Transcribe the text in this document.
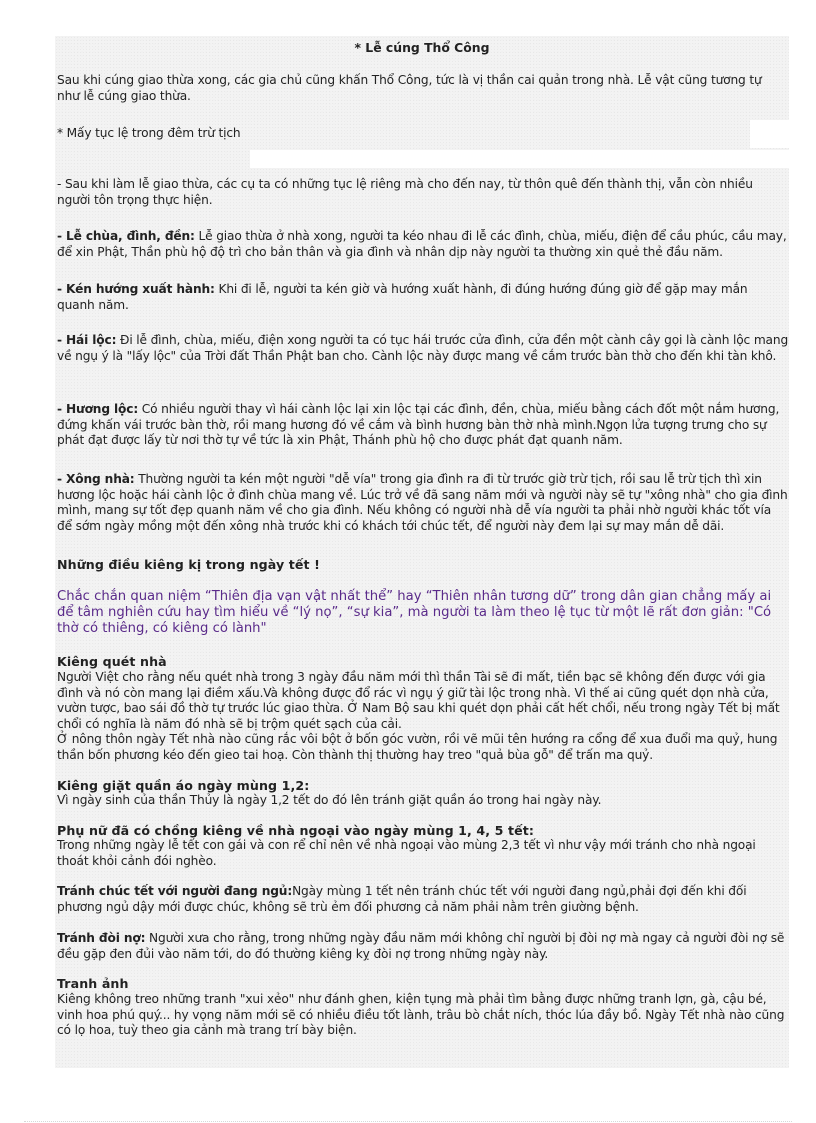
* Lễ cúng Thổ Công

Sau khi cúng giao thừa xong, các gia chủ cũng khấn Thổ Công, tức là vị thần cai quản trong nhà. Lễ vật cũng tương tự như lễ cúng giao thừa.

* Mấy tục lệ trong đêm trừ tịch

- Sau khi làm lễ giao thừa, các cụ ta có những tục lệ riêng mà cho đến nay, từ thôn quê đến thành thị, vẫn còn nhiều người tôn trọng thực hiện.

- Lễ chùa, đình, đền: Lễ giao thừa ở nhà xong, người ta kéo nhau đi lễ các đình, chùa, miếu, điện để cầu phúc, cầu may, để xin Phật, Thần phù hộ độ trì cho bản thân và gia đình và nhân dịp này người ta thường xin quẻ thẻ đầu năm.

- Kén hướng xuất hành: Khi đi lễ, người ta kén giờ và hướng xuất hành, đi đúng hướng đúng giờ để gặp may mắn quanh năm.

- Hái lộc: Đi lễ đình, chùa, miếu, điện xong người ta có tục hái trước cửa đình, cửa đền một cành cây gọi là cành lộc mang về ngụ ý là "lấy lộc" của Trời đất Thần Phật ban cho. Cành lộc này được mang về cắm trước bàn thờ cho đến khi tàn khô.

- Hương lộc: Có nhiều người thay vì hái cành lộc lại xin lộc tại các đình, đền, chùa, miếu bằng cách đốt một nắm hương, đứng khấn vái trước bàn thờ, rồi mang hương đó về cắm và bình hương bàn thờ nhà mình.Ngọn lửa tượng trưng cho sự phát đạt được lấy từ nơi thờ tự về tức là xin Phật, Thánh phù hộ cho được phát đạt quanh năm.

- Xông nhà: Thường người ta kén một người "dễ vía" trong gia đình ra đi từ trước giờ trừ tịch, rồi sau lễ trừ tịch thì xin hương lộc hoặc hái cành lộc ở đình chùa mang về. Lúc trở về đã sang năm mới và người này sẽ tự "xông nhà" cho gia đình mình, mang sự tốt đẹp quanh năm về cho gia đình. Nếu không có người nhà dễ vía người ta phải nhờ người khác tốt vía để sớm ngày mồng một đến xông nhà trước khi có khách tới chúc tết, để người này đem lại sự may mắn dễ dãi.

Những điều kiêng kị trong ngày tết !

Chắc chắn quan niệm “Thiên địa vạn vật nhất thể” hay “Thiên nhân tương dữ” trong dân gian chẳng mấy ai để tâm nghiên cứu hay tìm hiểu về “lý nọ”, “sự kia”, mà người ta làm theo lệ tục từ một lẽ rất đơn giản: "Có thờ có thiêng, có kiêng có lành"

Kiêng quét nhà

Người Việt cho rằng nếu quét nhà trong 3 ngày đầu năm mới thì thần Tài sẽ đi mất, tiền bạc sẽ không đến được với gia đình và nó còn mang lại điềm xấu.Và không được đổ rác vì ngụ ý giữ tài lộc trong nhà. Vì thế ai cũng quét dọn nhà cửa, vườn tược, bao sái đồ thờ tự trước lúc giao thừa. Ở Nam Bộ sau khi quét dọn phải cất hết chổi, nếu trong ngày Tết bị mất chổi có nghĩa là năm đó nhà sẽ bị trộm quét sạch của cải.

Ở nông thôn ngày Tết nhà nào cũng rắc vôi bột ở bốn góc vườn, rồi vẽ mũi tên hướng ra cổng để xua đuổi ma quỷ, hung thần bốn phương kéo đến gieo tai hoạ. Còn thành thị thường hay treo "quả bùa gỗ" để trấn ma quỷ.

Kiêng giặt quần áo ngày mùng 1,2:

Vì ngày sinh của thần Thủy là ngày 1,2 tết do đó lên tránh giặt quần áo trong hai ngày này.

Phụ nữ đã có chồng kiêng về nhà ngoại vào ngày mùng 1, 4, 5 tết:

Trong những ngày lễ tết con gái và con rể chỉ nên về nhà ngoại vào mùng 2,3 tết vì như vậy mới tránh cho nhà ngoại thoát khỏi cảnh đói nghèo.

Tránh chúc tết với người đang ngủ:Ngày mùng 1 tết nên tránh chúc tết với người đang ngủ,phải đợi đến khi đối phương ngủ dậy mới được chúc, không sẽ trù ẻm đối phương cả năm phải nằm trên giường bệnh.

Tránh đòi nợ: Người xưa cho rằng, trong những ngày đầu năm mới không chỉ người bị đòi nợ mà ngay cả người đòi nợ sẽ đều gặp đen đủi vào năm tới, do đó thường kiêng kỵ đòi nợ trong những ngày này.

Tranh ảnh

Kiêng không treo những tranh "xui xẻo" như đánh ghen, kiện tụng mà phải tìm bằng được những tranh lợn, gà, cậu bé, vinh hoa phú quý... hy vọng năm mới sẽ có nhiều điều tốt lành, trâu bò chắt ních, thóc lúa đầy bồ. Ngày Tết nhà nào cũng có lọ hoa, tuỳ theo gia cảnh mà trang trí bày biện.
